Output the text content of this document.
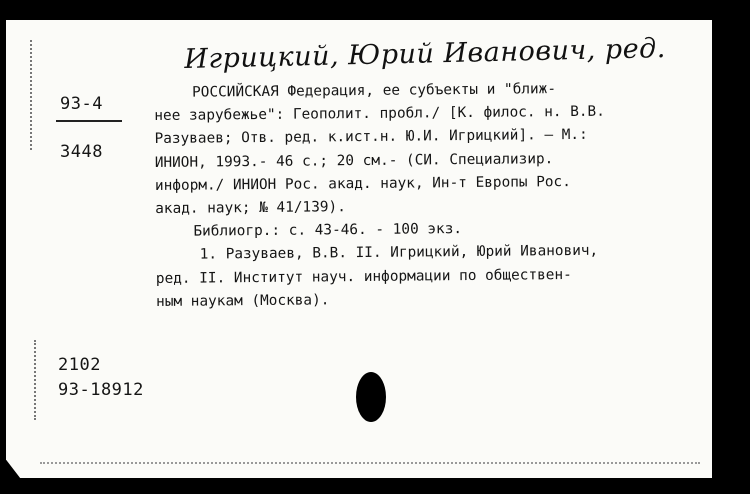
Игрицкий, Юрий Иванович, ред.
93-4
3448
РОССИЙСКАЯ Федерация, ее субъекты и "ближ-
нее зарубежье": Геополит. пробл./ [К. филос. н. В.В.
Разуваев; Отв. ред. к.ист.н. Ю.И. Игрицкий]. – М.:
ИНИОН, 1993.- 46 с.; 20 см.- (СИ. Специализир.
информ./ ИНИОН Рос. акад. наук, Ин-т Европы Рос.
акад. наук; № 41/139).
Библиогр.: с. 43-46. - 100 экз.
1. Разуваев, В.В. II. Игрицкий, Юрий Иванович,
ред. II. Институт науч. информации по обществен-
ным наукам (Москва).
2102
93-18912
